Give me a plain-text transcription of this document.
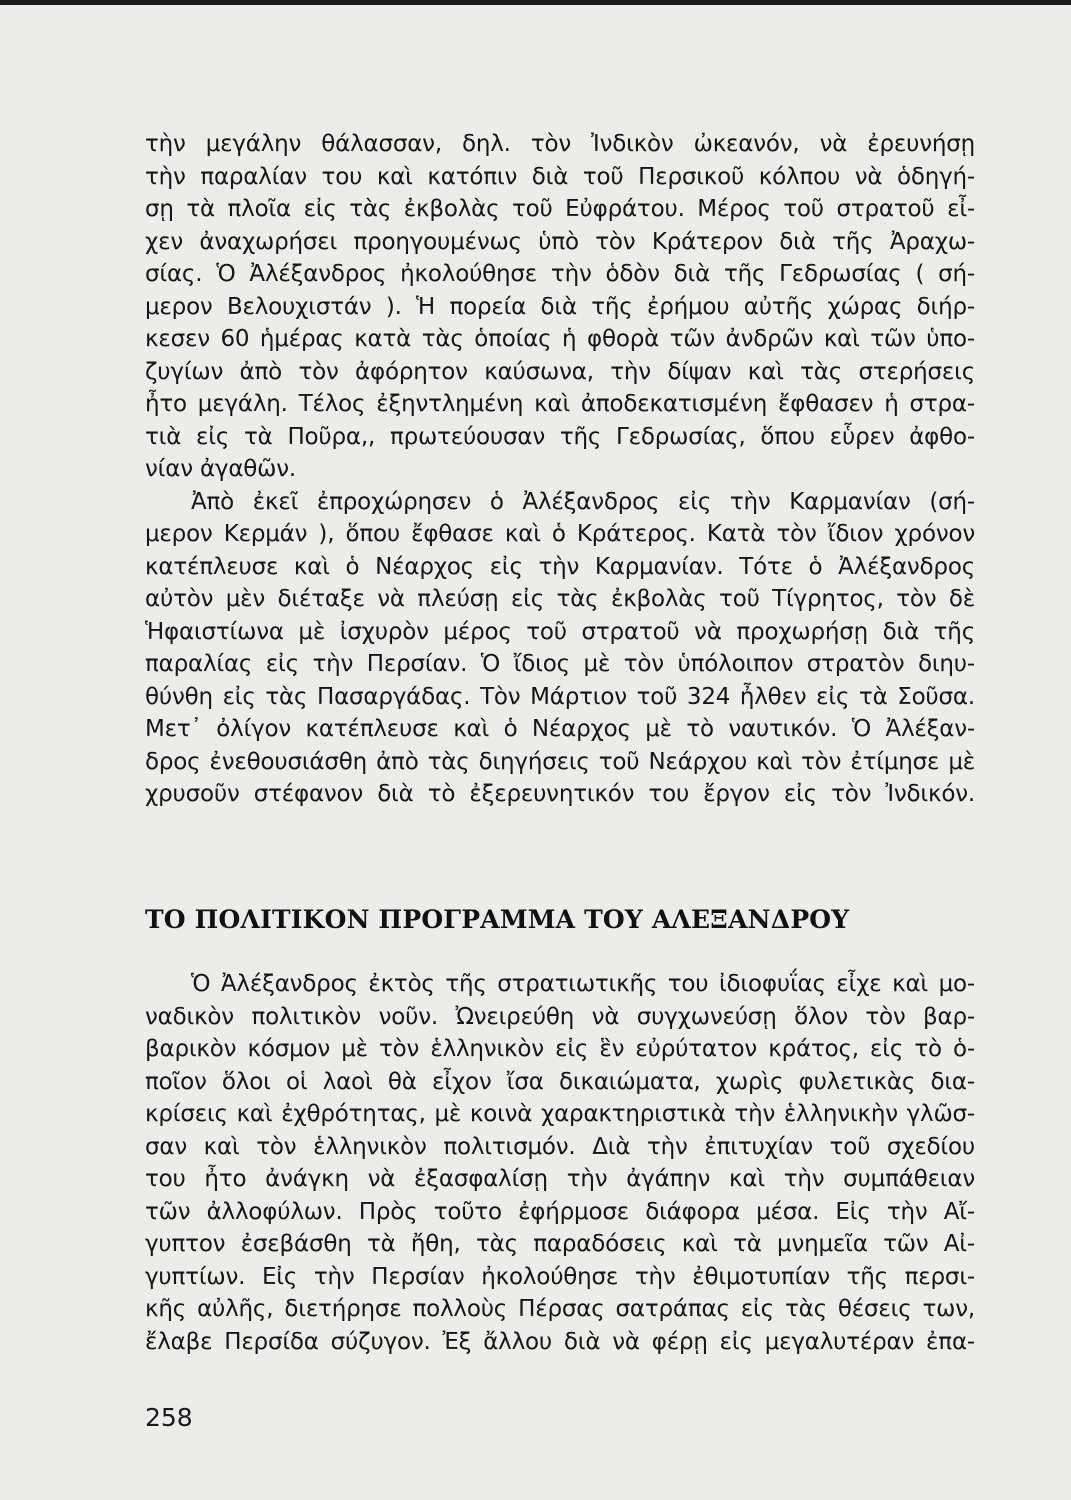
τὴν μεγάλην θάλασσαν, δηλ. τὸν Ἰνδικὸν ὠκεανόν, νὰ ἐρευνήσῃ
τὴν παραλίαν του καὶ κατόπιν διὰ τοῦ Περσικοῦ κόλπου νὰ ὁδηγή-
σῃ τὰ πλοῖα εἰς τὰς ἐκβολὰς τοῦ Εὐφράτου. Μέρος τοῦ στρατοῦ εἶ-
χεν ἀναχωρήσει προηγουμένως ὑπὸ τὸν Κράτερον διὰ τῆς Ἀραχω-
σίας. Ὁ Ἀλέξανδρος ἠκολούθησε τὴν ὁδὸν διὰ τῆς Γεδρωσίας ( σή-
μερον Βελουχιστάν ). Ἡ πορεία διὰ τῆς ἐρήμου αὐτῆς χώρας διήρ-
κεσεν 60 ἡμέρας κατὰ τὰς ὁποίας ἡ φθορὰ τῶν ἀνδρῶν καὶ τῶν ὑπο-
ζυγίων ἀπὸ τὸν ἀφόρητον καύσωνα, τὴν δίψαν καὶ τὰς στερήσεις
ἦτο μεγάλη. Τέλος ἐξηντλημένη καὶ ἀποδεκατισμένη ἔφθασεν ἡ στρα-
τιὰ εἰς τὰ Ποῦρα,, πρωτεύουσαν τῆς Γεδρωσίας, ὅπου εὗρεν ἀφθο-
νίαν ἀγαθῶν.
Ἀπὸ ἐκεῖ ἐπροχώρησεν ὁ Ἀλέξανδρος εἰς τὴν Καρμανίαν (σή-
μερον Κερμάν ), ὅπου ἔφθασε καὶ ὁ Κράτερος. Κατὰ τὸν ἴδιον χρόνον
κατέπλευσε καὶ ὁ Νέαρχος εἰς τὴν Καρμανίαν. Τότε ὁ Ἀλέξανδρος
αὐτὸν μὲν διέταξε νὰ πλεύσῃ εἰς τὰς ἐκβολὰς τοῦ Τίγρητος, τὸν δὲ
Ἡφαιστίωνα μὲ ἰσχυρὸν μέρος τοῦ στρατοῦ νὰ προχωρήσῃ διὰ τῆς
παραλίας εἰς τὴν Περσίαν. Ὁ ἴδιος μὲ τὸν ὑπόλοιπον στρατὸν διηυ-
θύνθη εἰς τὰς Πασαργάδας. Τὸν Μάρτιον τοῦ 324 ἦλθεν εἰς τὰ Σοῦσα.
Μετ᾿ ὀλίγον κατέπλευσε καὶ ὁ Νέαρχος μὲ τὸ ναυτικόν. Ὁ Ἀλέξαν-
δρος ἐνεθουσιάσθη ἀπὸ τὰς διηγήσεις τοῦ Νεάρχου καὶ τὸν ἐτίμησε μὲ
χρυσοῦν στέφανον διὰ τὸ ἐξερευνητικόν του ἔργον εἰς τὸν Ἰνδικόν.
ΤΟ ΠΟΛΙΤΙΚΟΝ ΠΡΟΓΡΑΜΜΑ ΤΟΥ ΑΛΕΞΑΝΔΡΟΥ
Ὁ Ἀλέξανδρος ἐκτὸς τῆς στρατιωτικῆς του ἰδιοφυΐας εἶχε καὶ μο-
ναδικὸν πολιτικὸν νοῦν. Ὠνειρεύθη νὰ συγχωνεύσῃ ὅλον τὸν βαρ-
βαρικὸν κόσμον μὲ τὸν ἑλληνικὸν εἰς ἓν εὐρύτατον κράτος, εἰς τὸ ὁ-
ποῖον ὅλοι οἱ λαοὶ θὰ εἶχον ἴσα δικαιώματα, χωρὶς φυλετικὰς δια-
κρίσεις καὶ ἐχθρότητας, μὲ κοινὰ χαρακτηριστικὰ τὴν ἑλληνικὴν γλῶσ-
σαν καὶ τὸν ἑλληνικὸν πολιτισμόν. Διὰ τὴν ἐπιτυχίαν τοῦ σχεδίου
του ἦτο ἀνάγκη νὰ ἐξασφαλίσῃ τὴν ἀγάπην καὶ τὴν συμπάθειαν
τῶν ἀλλοφύλων. Πρὸς τοῦτο ἐφήρμοσε διάφορα μέσα. Εἰς τὴν Αἴ-
γυπτον ἐσεβάσθη τὰ ἤθη, τὰς παραδόσεις καὶ τὰ μνημεῖα τῶν Αἰ-
γυπτίων. Εἰς τὴν Περσίαν ἠκολούθησε τὴν ἐθιμοτυπίαν τῆς περσι-
κῆς αὐλῆς, διετήρησε πολλοὺς Πέρσας σατράπας εἰς τὰς θέσεις των,
ἔλαβε Περσίδα σύζυγον. Ἐξ ἄλλου διὰ νὰ φέρῃ εἰς μεγαλυτέραν ἐπα-
258
